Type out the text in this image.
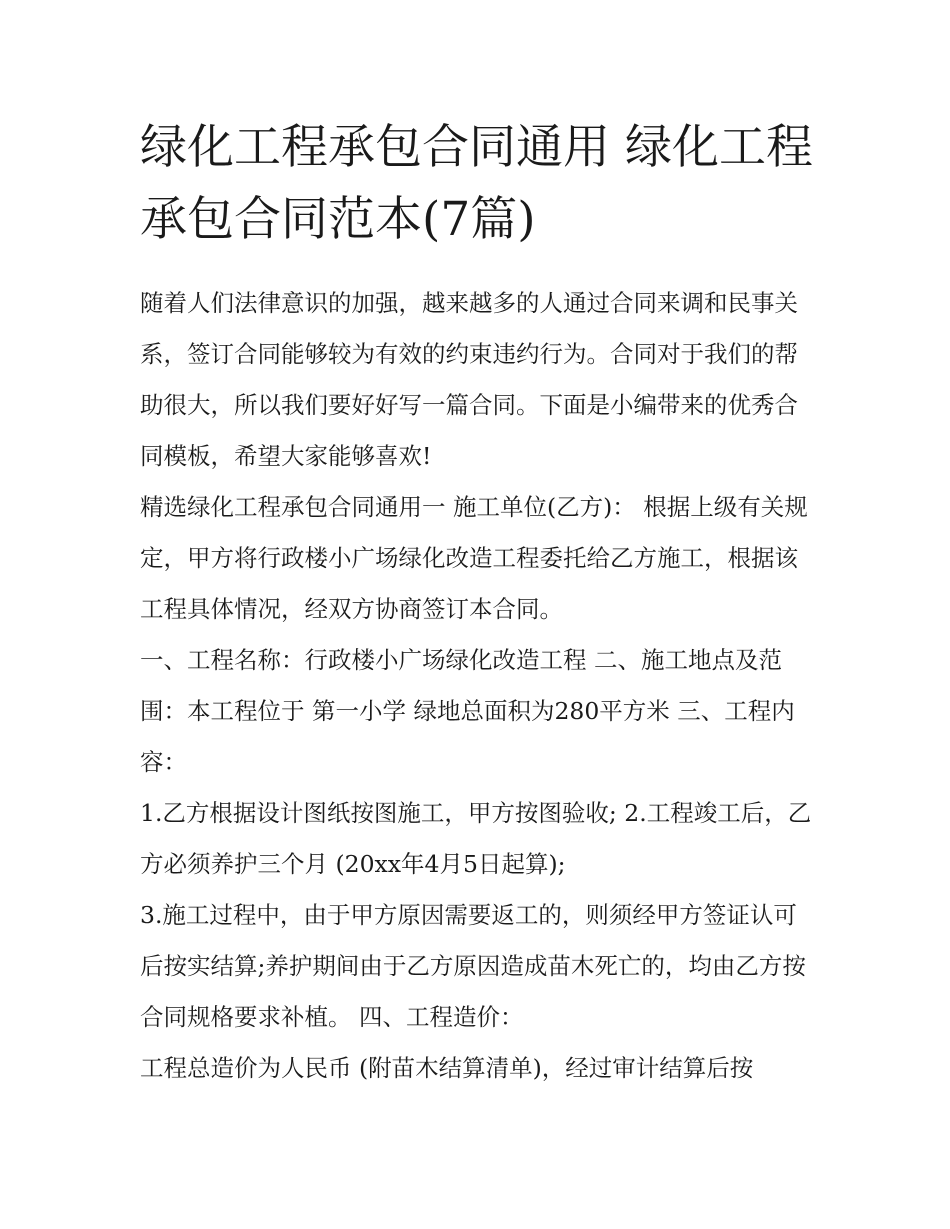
绿化工程承包合同通用 绿化工程承包合同范本(7篇)

随着人们法律意识的加强，越来越多的人通过合同来调和民事关系，签订合同能够较为有效的约束违约行为。合同对于我们的帮助很大，所以我们要好好写一篇合同。下面是小编带来的优秀合同模板，希望大家能够喜欢!

精选绿化工程承包合同通用一 施工单位(乙方)： 根据上级有关规定，甲方将行政楼小广场绿化改造工程委托给乙方施工，根据该工程具体情况，经双方协商签订本合同。

一、工程名称：行政楼小广场绿化改造工程 二、施工地点及范围：本工程位于 第一小学 绿地总面积为280平方米 三、工程内容：

1.乙方根据设计图纸按图施工，甲方按图验收; 2.工程竣工后，乙方必须养护三个月 (20xx年4月5日起算);

3.施工过程中，由于甲方原因需要返工的，则须经甲方签证认可后按实结算;养护期间由于乙方原因造成苗木死亡的，均由乙方按合同规格要求补植。 四、工程造价：

工程总造价为人民币 (附苗木结算清单)，经过审计结算后按
